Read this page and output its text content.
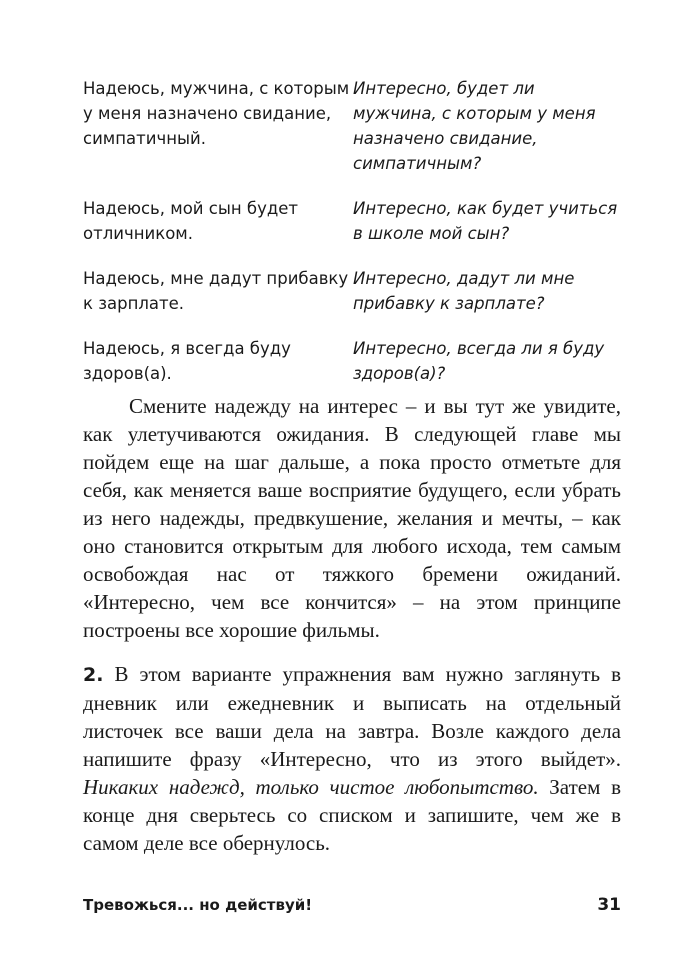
Надеюсь, мужчина, с которым у меня назначено свидание, симпатичный.
Интересно, будет ли мужчина, с которым у меня назначено свидание, симпатичным?
Надеюсь, мой сын будет отличником.
Интересно, как будет учиться в школе мой сын?
Надеюсь, мне дадут прибавку к зарплате.
Интересно, дадут ли мне прибавку к зарплате?
Надеюсь, я всегда буду здоров(а).
Интересно, всегда ли я буду здоров(а)?

Смените надежду на интерес – и вы тут же увидите, как улетучиваются ожидания. В следующей главе мы пойдем еще на шаг дальше, а пока просто отметьте для себя, как меняется ваше восприятие будущего, если убрать из него надежды, предвкушение, желания и мечты, – как оно становится открытым для любого исхода, тем самым освобождая нас от тяжкого бремени ожиданий. «Интересно, чем все кончится» – на этом принципе построены все хорошие фильмы.

2. В этом варианте упражнения вам нужно заглянуть в дневник или ежедневник и выписать на отдельный листочек все ваши дела на завтра. Возле каждого дела напишите фразу «Интересно, что из этого выйдет». Никаких надежд, только чистое любопытство. Затем в конце дня сверьтесь со списком и запишите, чем же в самом деле все обернулось.

Тревожься... но действуй!	31
